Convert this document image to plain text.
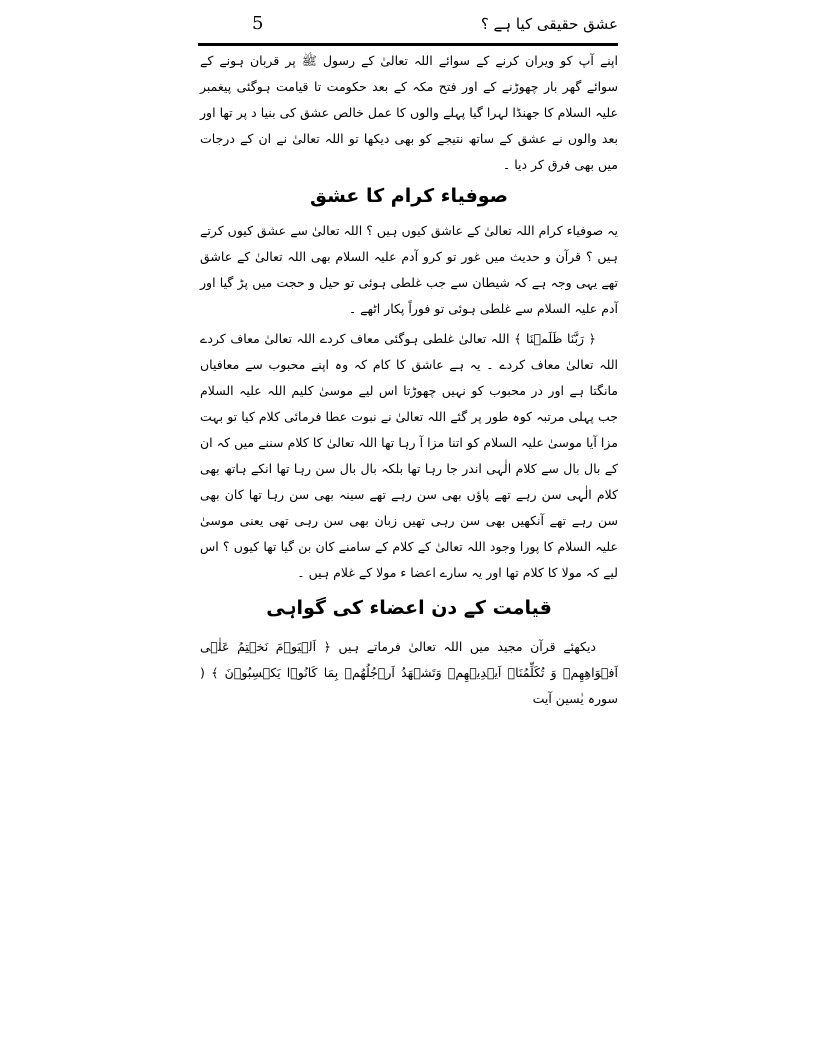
5	عشق حقیقی کیا ہے ؟

اپنے آپ کو ویران کرنے کے سوائے اللہ تعالیٰ کے رسول ﷺ پر قربان ہونے کے سوائے گھر بار چھوڑنے کے اور فتح مکہ کے بعد حکومت تا قیامت ہوگئی پیغمبر علیہ السلام کا جھنڈا لہرا گیا پہلے والوں کا عمل خالص عشق کی بنیا د پر تھا اور بعد والوں نے عشق کے ساتھ نتیجے کو بھی دیکھا تو اللہ تعالیٰ نے ان کے درجات میں بھی فرق کر دیا ۔

صوفیاء کرام کا عشق

یہ صوفیاء کرام اللہ تعالیٰ کے عاشق کیوں ہیں ؟ اللہ تعالیٰ سے عشق کیوں کرتے ہیں ؟ قرآن و حدیث میں غور تو کرو آدم علیہ السلام بھی اللہ تعالیٰ کے عاشق تھے یہی وجہ ہے کہ شیطان سے جب غلطی ہوئی تو حیل و حجت میں پڑ گیا اور آدم علیہ السلام سے غلطی ہوئی تو فوراً پکار اٹھے ۔

﴿ رَبَّنَا ظَلَمۡنَا ﴾ اللہ تعالیٰ غلطی ہوگئی معاف کردے اللہ تعالیٰ معاف کردے اللہ تعالیٰ معاف کردے ۔ یہ ہے عاشق کا کام کہ وہ اپنے محبوب سے معافیاں مانگتا ہے اور در محبوب کو نہیں چھوڑتا اس لیے موسیٰ کلیم اللہ علیہ السلام جب پہلی مرتبہ کوہ طور پر گئے اللہ تعالیٰ نے نبوت عطا فرمائی کلام کیا تو بہت مزا آیا موسیٰ علیہ السلام کو اتنا مزا آ رہا تھا اللہ تعالیٰ کا کلام سننے میں کہ ان کے بال بال سے کلام الٰہی اندر جا رہا تھا بلکہ بال بال سن رہا تھا انکے ہاتھ بھی کلام الٰہی سن رہے تھے پاؤں بھی سن رہے تھے سینہ بھی سن رہا تھا کان بھی سن رہے تھے آنکھیں بھی سن رہی تھیں زبان بھی سن رہی تھی یعنی موسیٰ علیہ السلام کا پورا وجود اللہ تعالیٰ کے کلام کے سامنے کان بن گیا تھا کیوں ؟ اس لیے کہ مولا کا کلام تھا اور یہ سارے اعضا ء مولا کے غلام ہیں ۔

قیامت کے دن اعضاء کی گواہی

دیکھئے قرآن مجید میں اللہ تعالیٰ فرماتے ہیں ﴿ اَلۡیَوۡمَ نَخۡتِمُ عَلٰۤی اَفۡوَاهِهِمۡ وَ تُكَلِّمُنَاۤ اَیۡدِیۡهِمۡ وَتَشۡهَدُ اَرۡجُلُهُمۡ بِمَا كَانُوۡا یَكۡسِبُوۡنَ ﴾ ( سورہ یٰسین آیت
